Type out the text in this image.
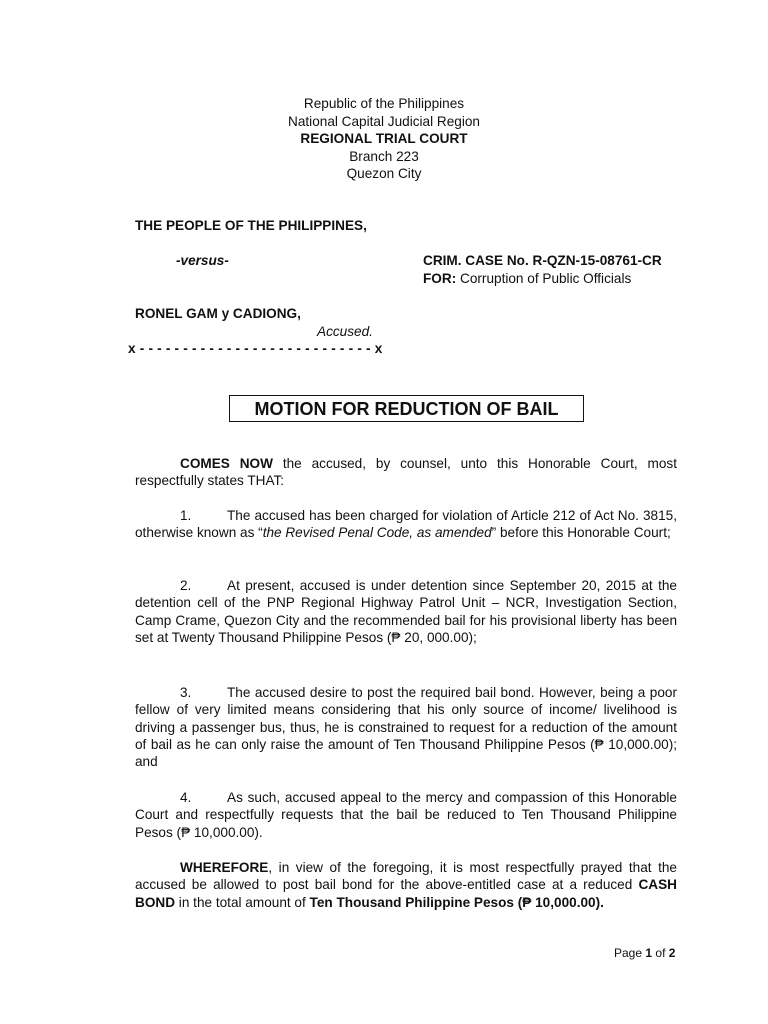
Republic of the Philippines
National Capital Judicial Region
REGIONAL TRIAL COURT
Branch 223
Quezon City
THE PEOPLE OF THE PHILIPPINES,
-versus-	CRIM. CASE No. R-QZN-15-08761-CR
FOR: Corruption of Public Officials
RONEL GAM y CADIONG,
Accused.
x - - - - - - - - - - - - - - - - - - - - - - - - - - - x
MOTION FOR REDUCTION OF BAIL
COMES NOW the accused, by counsel, unto this Honorable Court, most respectfully states THAT:
1.	The accused has been charged for violation of Article 212 of Act No. 3815, otherwise known as “the Revised Penal Code, as amended” before this Honorable Court;
2.	At present, accused is under detention since September 20, 2015 at the detention cell of the PNP Regional Highway Patrol Unit – NCR, Investigation Section, Camp Crame, Quezon City and the recommended bail for his provisional liberty has been set at Twenty Thousand Philippine Pesos (₱ 20, 000.00);
3.	The accused desire to post the required bail bond. However, being a poor fellow of very limited means considering that his only source of income/ livelihood is driving a passenger bus, thus, he is constrained to request for a reduction of the amount of bail as he can only raise the amount of Ten Thousand Philippine Pesos (₱ 10,000.00); and
4.	As such, accused appeal to the mercy and compassion of this Honorable Court and respectfully requests that the bail be reduced to Ten Thousand Philippine Pesos (₱ 10,000.00).
WHEREFORE, in view of the foregoing, it is most respectfully prayed that the accused be allowed to post bail bond for the above-entitled case at a reduced CASH BOND in the total amount of Ten Thousand Philippine Pesos (₱ 10,000.00).
Page 1 of 2
